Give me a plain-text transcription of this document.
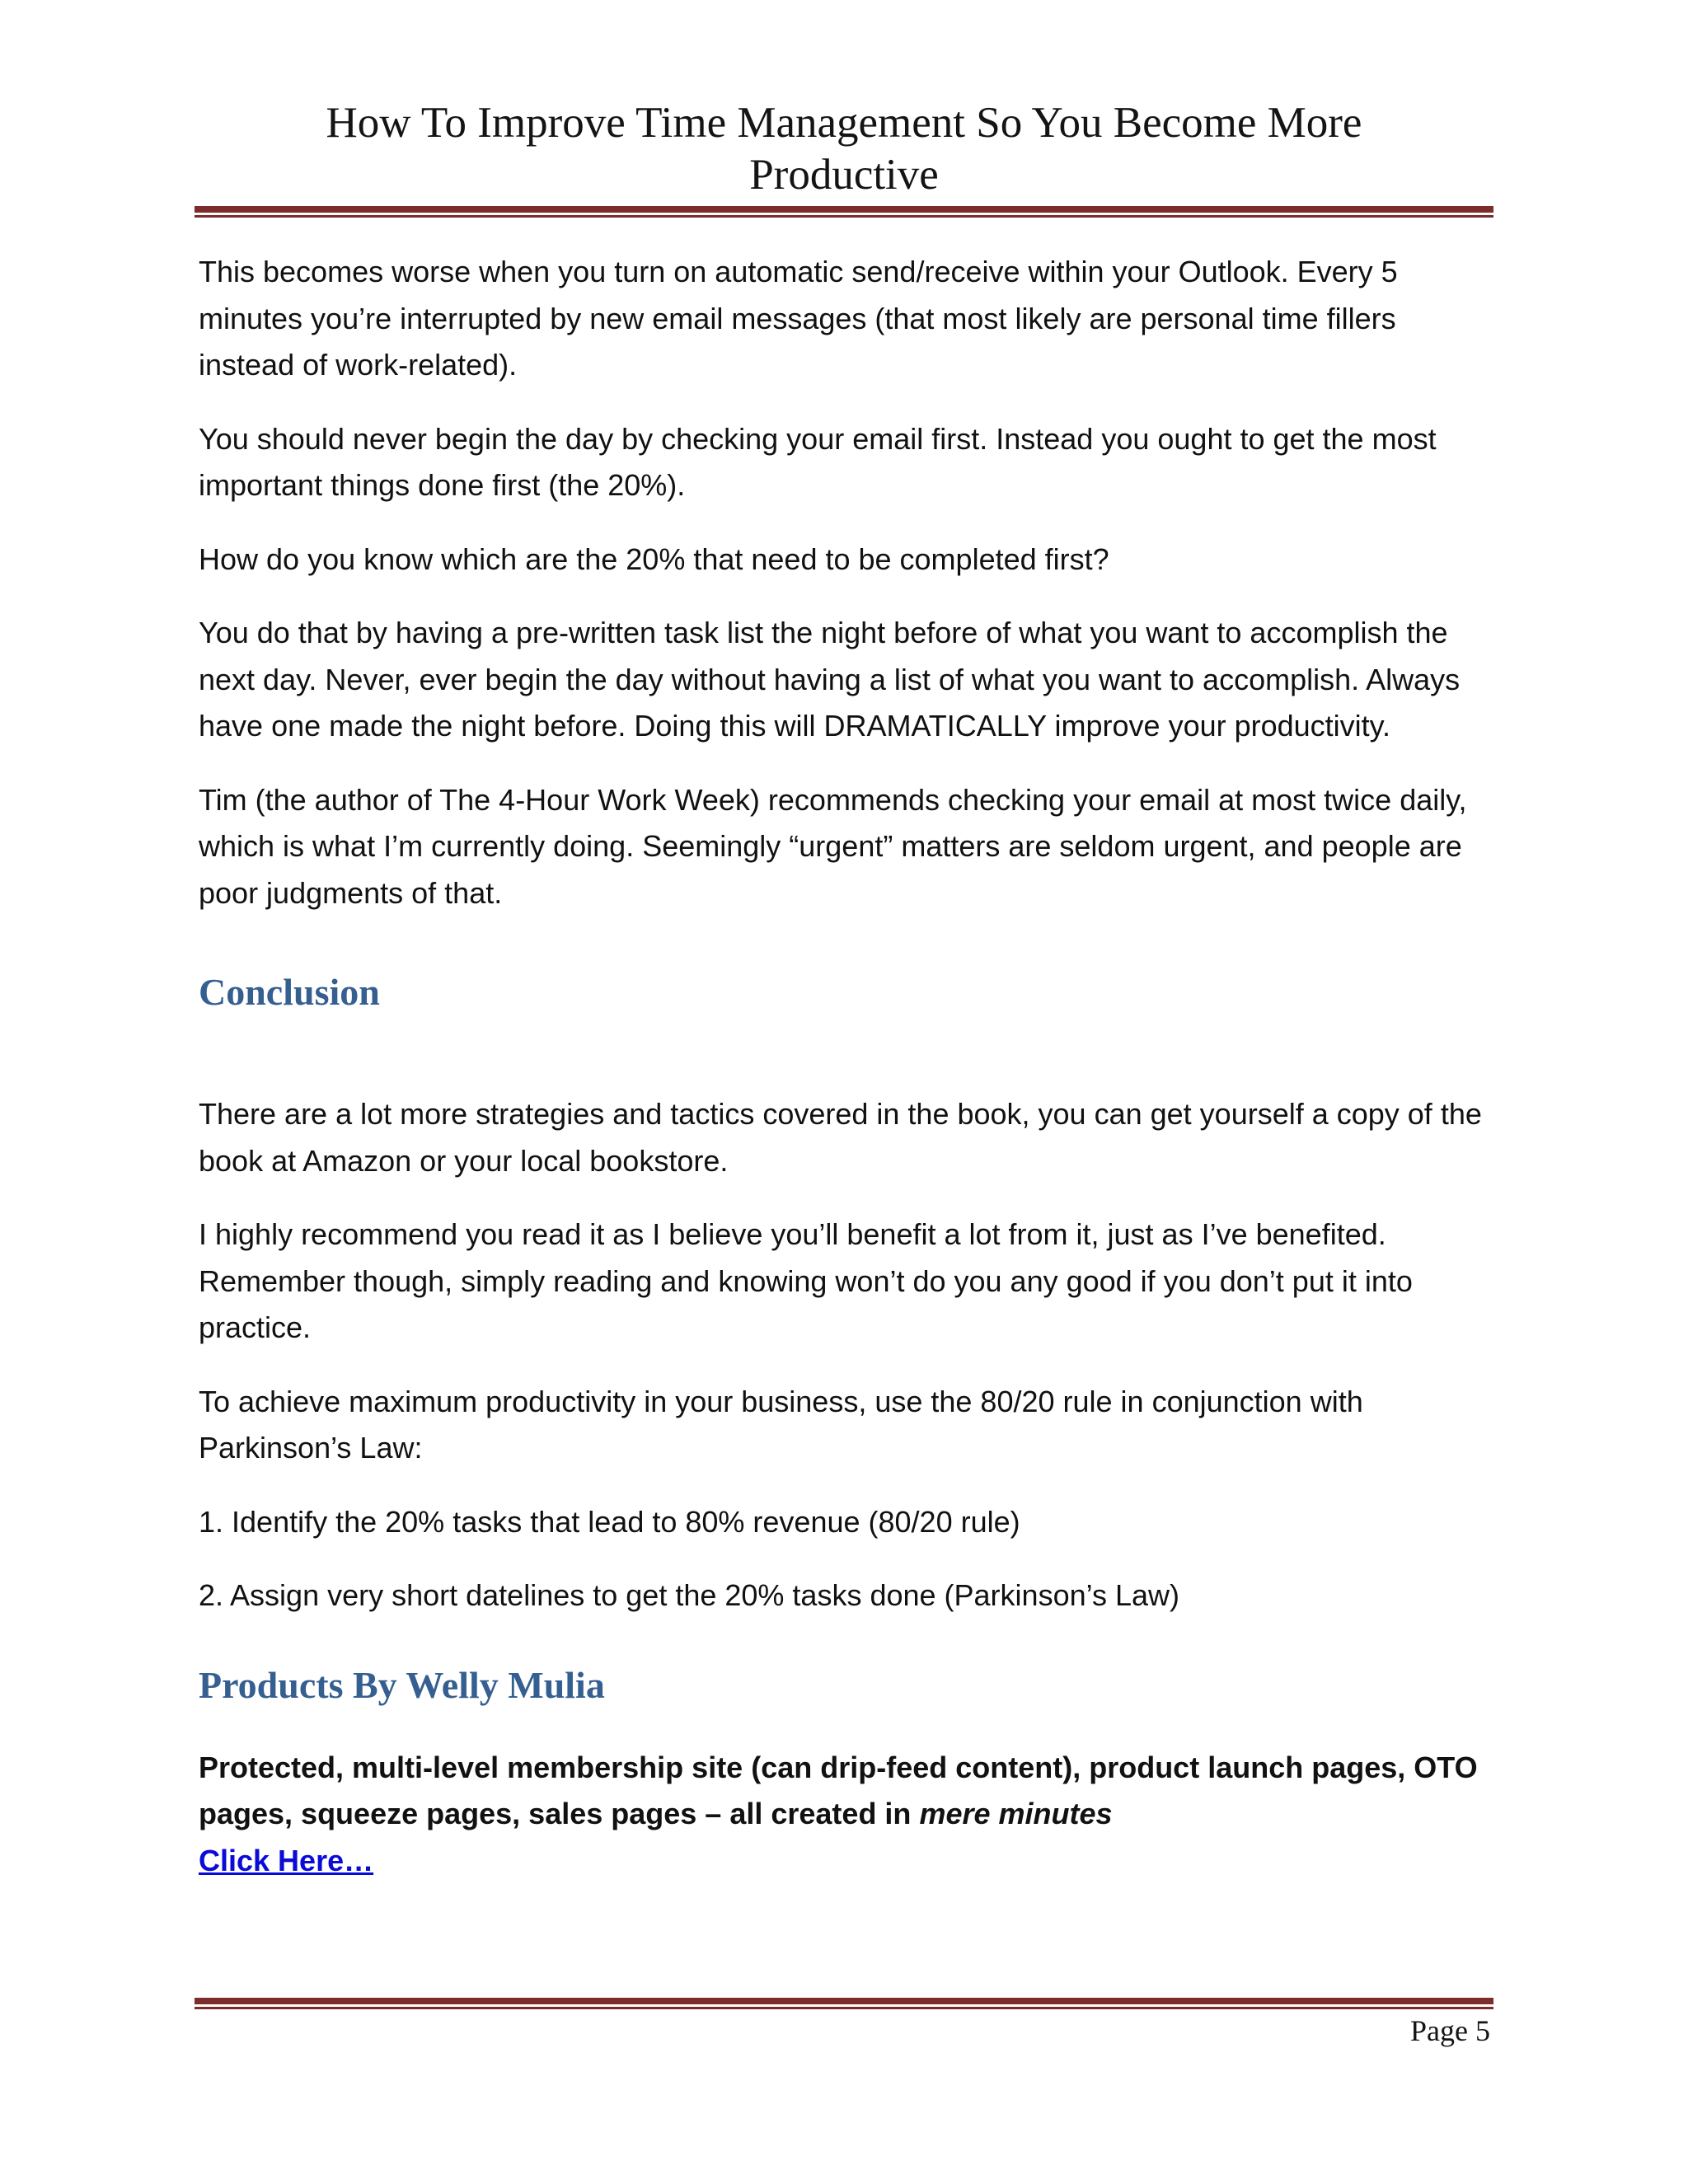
How To Improve Time Management So You Become More
Productive

This becomes worse when you turn on automatic send/receive within your Outlook. Every 5 minutes you’re interrupted by new email messages (that most likely are personal time fillers instead of work-related).

You should never begin the day by checking your email first. Instead you ought to get the most important things done first (the 20%).

How do you know which are the 20% that need to be completed first?

You do that by having a pre-written task list the night before of what you want to accomplish the next day. Never, ever begin the day without having a list of what you want to accomplish. Always have one made the night before. Doing this will DRAMATICALLY improve your productivity.

Tim (the author of The 4-Hour Work Week) recommends checking your email at most twice daily, which is what I’m currently doing. Seemingly “urgent” matters are seldom urgent, and people are poor judgments of that.

Conclusion

There are a lot more strategies and tactics covered in the book, you can get yourself a copy of the book at Amazon or your local bookstore.

I highly recommend you read it as I believe you’ll benefit a lot from it, just as I’ve benefited. Remember though, simply reading and knowing won’t do you any good if you don’t put it into practice.

To achieve maximum productivity in your business, use the 80/20 rule in conjunction with Parkinson’s Law:

1. Identify the 20% tasks that lead to 80% revenue (80/20 rule)

2. Assign very short datelines to get the 20% tasks done (Parkinson’s Law)

Products By Welly Mulia

Protected, multi-level membership site (can drip-feed content), product launch pages, OTO pages, squeeze pages, sales pages – all created in mere minutes

Click Here…
Page 5
